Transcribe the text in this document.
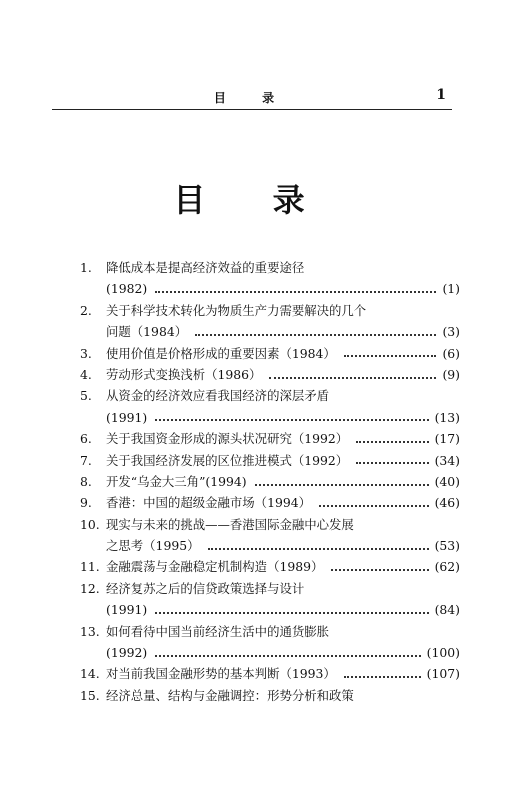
目 录	1
目 录
1.	降低成本是提高经济效益的重要途径
(1982)	(1)
2.	关于科学技术转化为物质生产力需要解决的几个
问题（1984）	(3)
3.	使用价值是价格形成的重要因素（1984）	(6)
4.	劳动形式变换浅析（1986）	(9)
5.	从资金的经济效应看我国经济的深层矛盾
(1991)	(13)
6.	关于我国资金形成的源头状况研究（1992）	(17)
7.	关于我国经济发展的区位推进模式（1992）	(34)
8.	开发“乌金大三角”(1994)	(40)
9.	香港：中国的超级金融市场（1994）	(46)
10. 现实与未来的挑战——香港国际金融中心发展
之思考（1995）	(53)
11. 金融震荡与金融稳定机制构造（1989）	(62)
12. 经济复苏之后的信贷政策选择与设计
(1991)	(84)
13. 如何看待中国当前经济生活中的通货膨胀
(1992)	(100)
14. 对当前我国金融形势的基本判断（1993）	(107)
15. 经济总量、结构与金融调控：形势分析和政策
